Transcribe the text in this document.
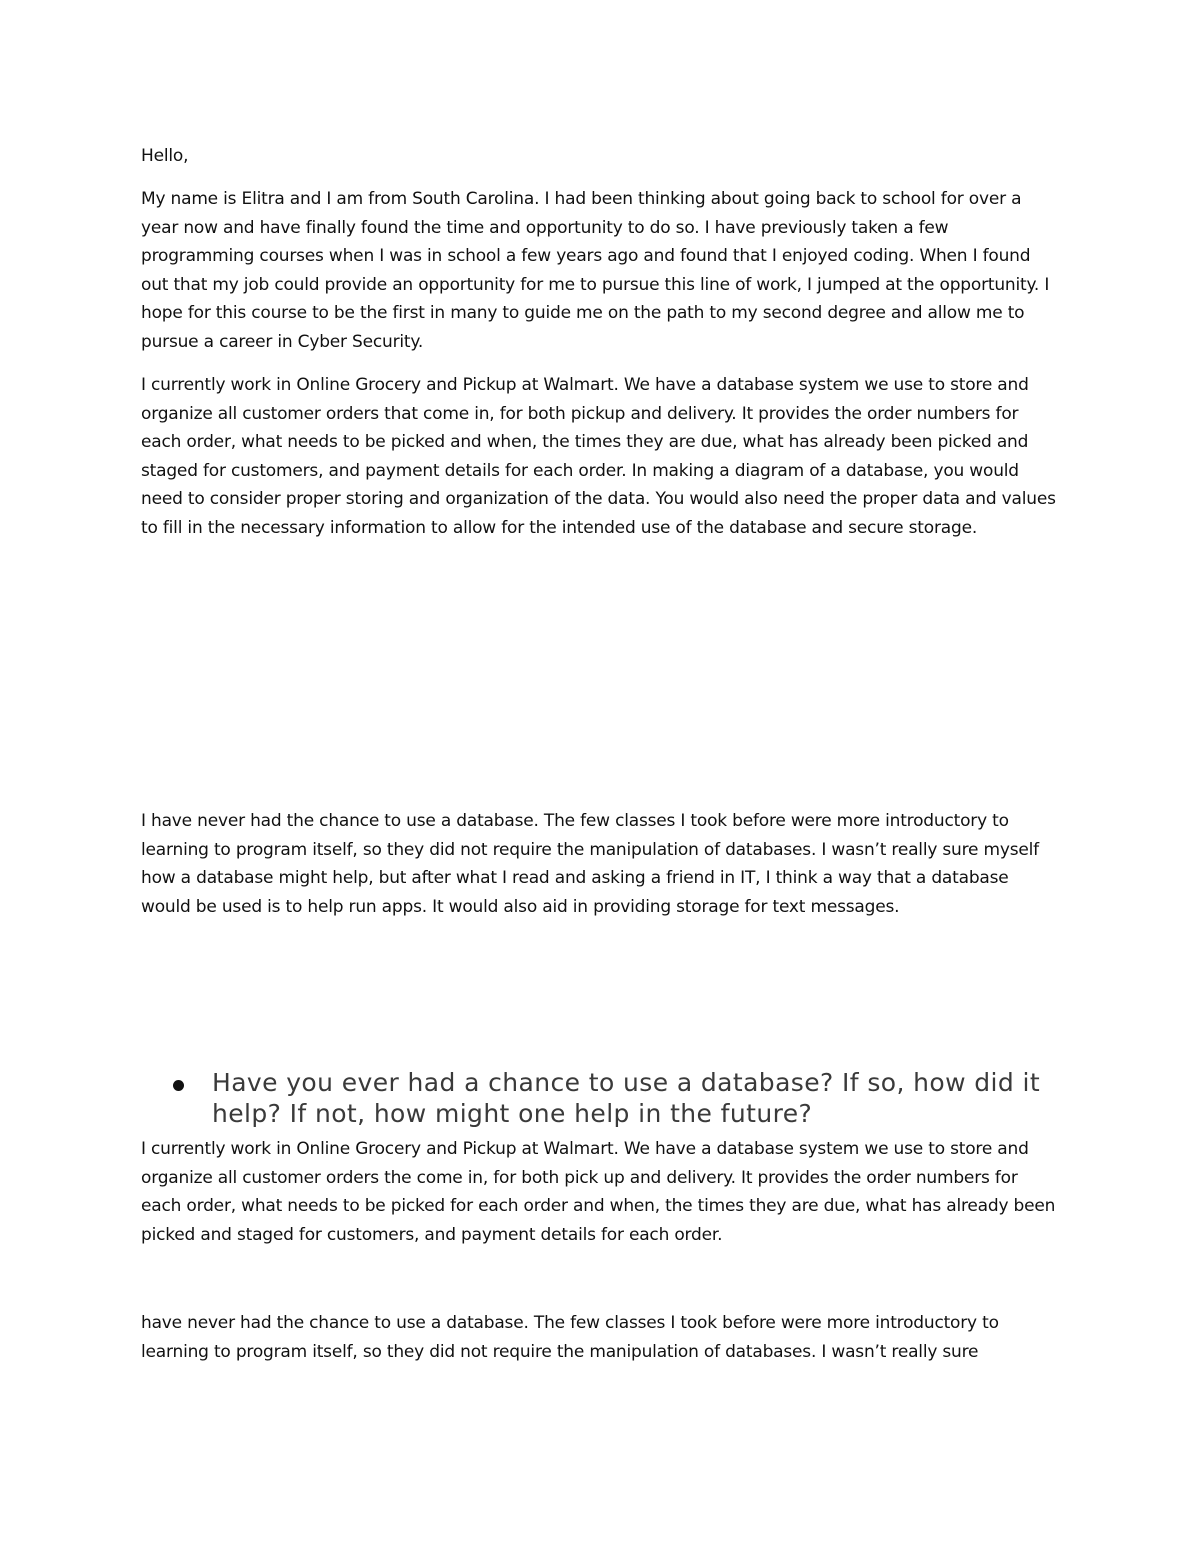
Hello,

My name is Elitra and I am from South Carolina. I had been thinking about going back to school for over a year now and have finally found the time and opportunity to do so. I have previously taken a few programming courses when I was in school a few years ago and found that I enjoyed coding. When I found out that my job could provide an opportunity for me to pursue this line of work, I jumped at the opportunity. I hope for this course to be the first in many to guide me on the path to my second degree and allow me to pursue a career in Cyber Security.

I currently work in Online Grocery and Pickup at Walmart. We have a database system we use to store and organize all customer orders that come in, for both pickup and delivery. It provides the order numbers for each order, what needs to be picked and when, the times they are due, what has already been picked and staged for customers, and payment details for each order. In making a diagram of a database, you would need to consider proper storing and organization of the data. You would also need the proper data and values to fill in the necessary information to allow for the intended use of the database and secure storage.

I have never had the chance to use a database. The few classes I took before were more introductory to learning to program itself, so they did not require the manipulation of databases. I wasn’t really sure myself how a database might help, but after what I read and asking a friend in IT, I think a way that a database would be used is to help run apps. It would also aid in providing storage for text messages.

Have you ever had a chance to use a database? If so, how did it help? If not, how might one help in the future?

I currently work in Online Grocery and Pickup at Walmart. We have a database system we use to store and organize all customer orders the come in, for both pick up and delivery. It provides the order numbers for each order, what needs to be picked for each order and when, the times they are due, what has already been picked and staged for customers, and payment details for each order.

have never had the chance to use a database. The few classes I took before were more introductory to learning to program itself, so they did not require the manipulation of databases. I wasn’t really sure
